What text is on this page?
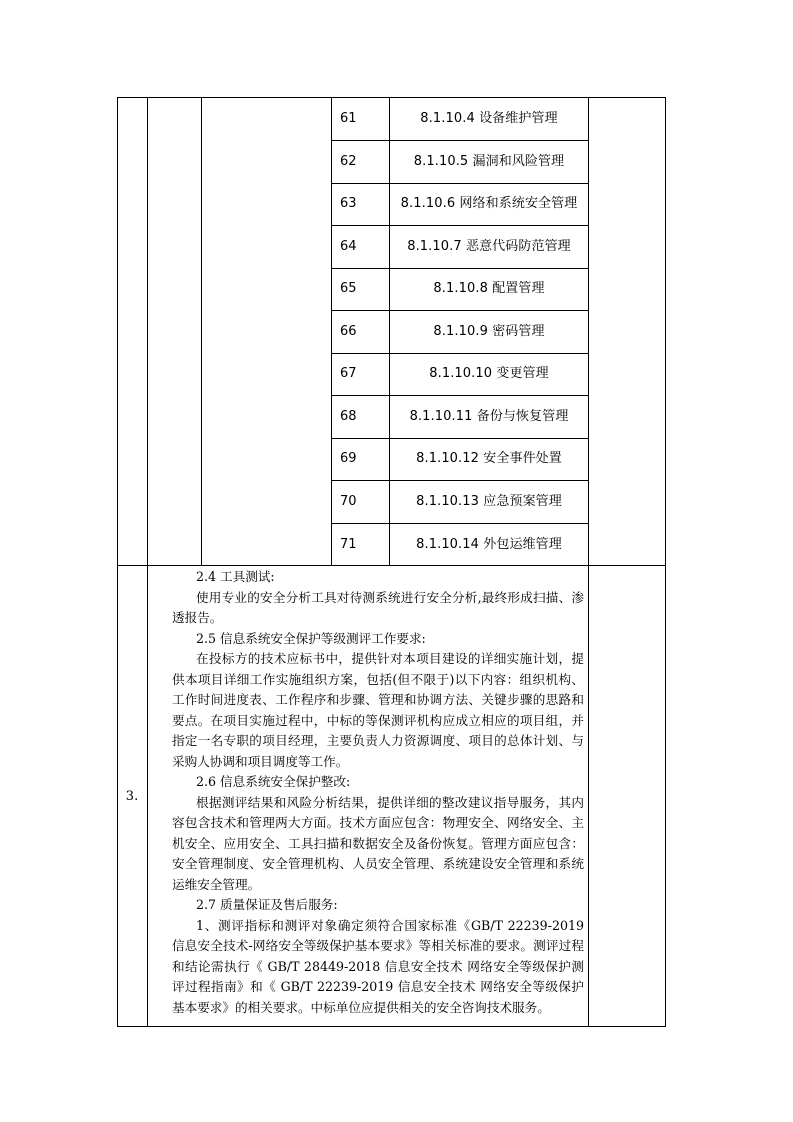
61	8.1.10.4 设备维护管理
62	8.1.10.5 漏洞和风险管理
63	8.1.10.6 网络和系统安全管理
64	8.1.10.7 恶意代码防范管理
65	8.1.10.8 配置管理
66	8.1.10.9 密码管理
67	8.1.10.10 变更管理
68	8.1.10.11 备份与恢复管理
69	8.1.10.12 安全事件处置
70	8.1.10.13 应急预案管理
71	8.1.10.14 外包运维管理
3.

2.4 工具测试:

使用专业的安全分析工具对待测系统进行安全分析,最终形成扫描、渗透报告。

2.5 信息系统安全保护等级测评工作要求:

在投标方的技术应标书中，提供针对本项目建设的详细实施计划，提供本项目详细工作实施组织方案，包括(但不限于)以下内容：组织机构、工作时间进度表、工作程序和步骤、管理和协调方法、关键步骤的思路和要点。在项目实施过程中，中标的等保测评机构应成立相应的项目组，并指定一名专职的项目经理，主要负责人力资源调度、项目的总体计划、与采购人协调和项目调度等工作。

2.6 信息系统安全保护整改:

根据测评结果和风险分析结果，提供详细的整改建议指导服务，其内容包含技术和管理两大方面。技术方面应包含：物理安全、网络安全、主机安全、应用安全、工具扫描和数据安全及备份恢复。管理方面应包含：安全管理制度、安全管理机构、人员安全管理、系统建设安全管理和系统运维安全管理。

2.7 质量保证及售后服务:

1、测评指标和测评对象确定须符合国家标准《GB/T 22239-2019 信息安全技术-网络安全等级保护基本要求》等相关标准的要求。测评过程和结论需执行《 GB/T 28449-2018 信息安全技术 网络安全等级保护测评过程指南》和《 GB/T 22239-2019 信息安全技术 网络安全等级保护基本要求》的相关要求。中标单位应提供相关的安全咨询技术服务。
